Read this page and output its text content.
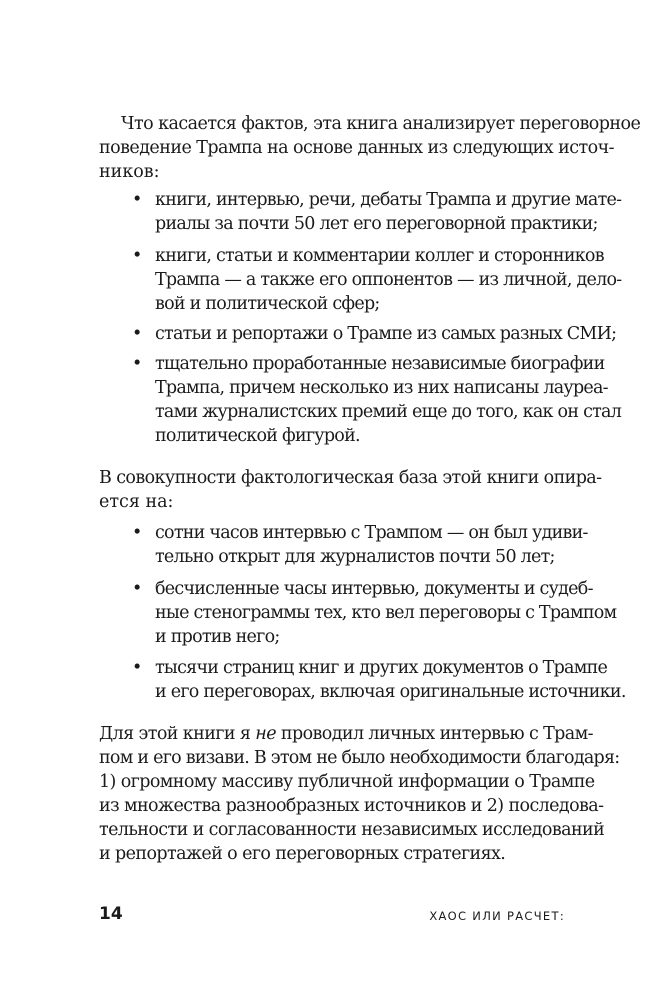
Что касается фактов, эта книга анализирует переговорное

поведение Трампа на основе данных из следующих источ-

ников:

• книги, интервью, речи, дебаты Трампа и другие мате-

риалы за почти 50 лет его переговорной практики;

• книги, статьи и комментарии коллег и сторонников

Трампа — а также его оппонентов — из личной, дело-

вой и политической сфер;

• статьи и репортажи о Трампе из самых разных СМИ;

• тщательно проработанные независимые биографии

Трампа, причем несколько из них написаны лауреа-

тами журналистских премий еще до того, как он стал

политической фигурой.

В совокупности фактологическая база этой книги опира-

ется на:

• сотни часов интервью с Трампом — он был удиви-

тельно открыт для журналистов почти 50 лет;

• бесчисленные часы интервью, документы и судеб-

ные стенограммы тех, кто вел переговоры с Трампом

и против него;

• тысячи страниц книг и других документов о Трампе

и его переговорах, включая оригинальные источники.

Для этой книги я не проводил личных интервью с Трам-

пом и его визави. В этом не было необходимости благодаря:

1) огромному массиву публичной информации о Трампе

из множества разнообразных источников и 2) последова-

тельности и согласованности независимых исследований

и репортажей о его переговорных стратегиях.

14	ХАОС ИЛИ РАСЧЕТ:
